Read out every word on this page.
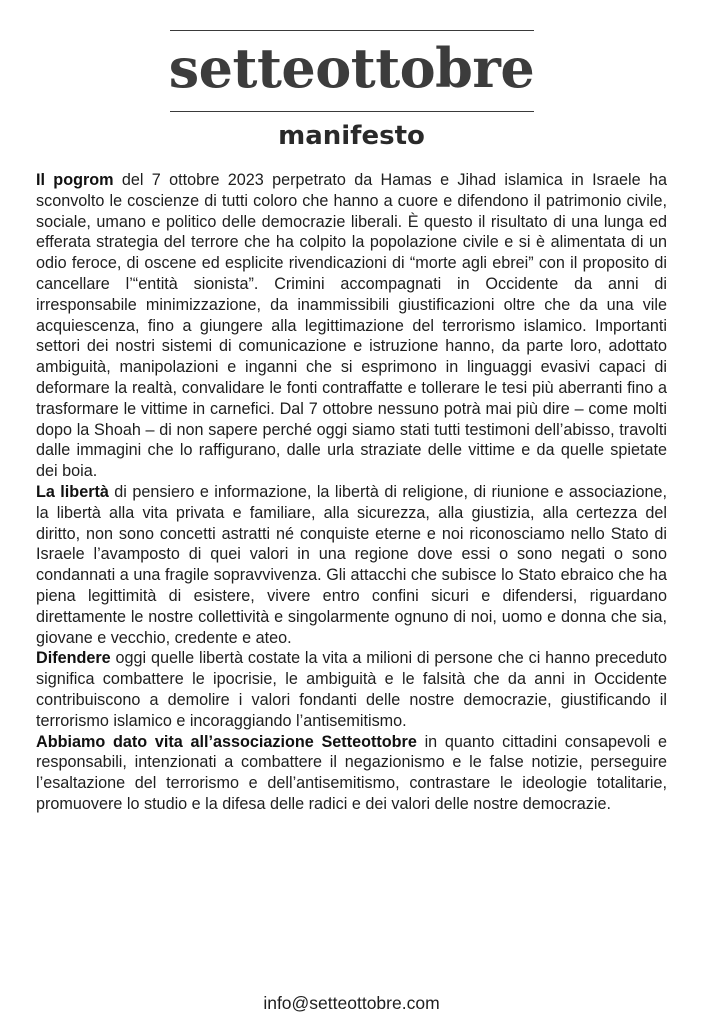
setteottobre
manifesto

Il pogrom del 7 ottobre 2023 perpetrato da Hamas e Jihad islamica in Israele ha sconvolto le coscienze di tutti coloro che hanno a cuore e difendono il patrimonio civile, sociale, umano e politico delle democrazie liberali. È questo il risultato di una lunga ed efferata strategia del terrore che ha colpito la popolazione civile e si è alimentata di un odio feroce, di oscene ed esplicite rivendicazioni di “morte agli ebrei” con il proposito di cancellare l’“entità sionista”. Crimini accompagnati in Occidente da anni di irresponsabile minimizzazione, da inammissibili giustificazioni oltre che da una vile acquiescenza, fino a giungere alla legittimazione del terrorismo islamico. Importanti settori dei nostri sistemi di comunicazione e istruzione hanno, da parte loro, adottato ambiguità, manipolazioni e inganni che si esprimono in linguaggi evasivi capaci di deformare la realtà, convalidare le fonti contraffatte e tollerare le tesi più aberranti fino a trasformare le vittime in carnefici. Dal 7 ottobre nessuno potrà mai più dire – come molti dopo la Shoah – di non sapere perché oggi siamo stati tutti testimoni dell’abisso, travolti dalle immagini che lo raffigurano, dalle urla straziate delle vittime e da quelle spietate dei boia.

La libertà di pensiero e informazione, la libertà di religione, di riunione e associazione, la libertà alla vita privata e familiare, alla sicurezza, alla giustizia, alla certezza del diritto, non sono concetti astratti né conquiste eterne e noi riconosciamo nello Stato di Israele l’avamposto di quei valori in una regione dove essi o sono negati o sono condannati a una fragile sopravvivenza. Gli attacchi che subisce lo Stato ebraico che ha piena legittimità di esistere, vivere entro confini sicuri e difendersi, riguardano direttamente le nostre collettività e singolarmente ognuno di noi, uomo e donna che sia, giovane e vecchio, credente e ateo.

Difendere oggi quelle libertà costate la vita a milioni di persone che ci hanno preceduto significa combattere le ipocrisie, le ambiguità e le falsità che da anni in Occidente contribuiscono a demolire i valori fondanti delle nostre democrazie, giustificando il terrorismo islamico e incoraggiando l’antisemitismo.

Abbiamo dato vita all’associazione Setteottobre in quanto cittadini consapevoli e responsabili, intenzionati a combattere il negazionismo e le false notizie, perseguire l’esaltazione del terrorismo e dell’antisemitismo, contrastare le ideologie totalitarie, promuovere lo studio e la difesa delle radici e dei valori delle nostre democrazie.

info@setteottobre.com
